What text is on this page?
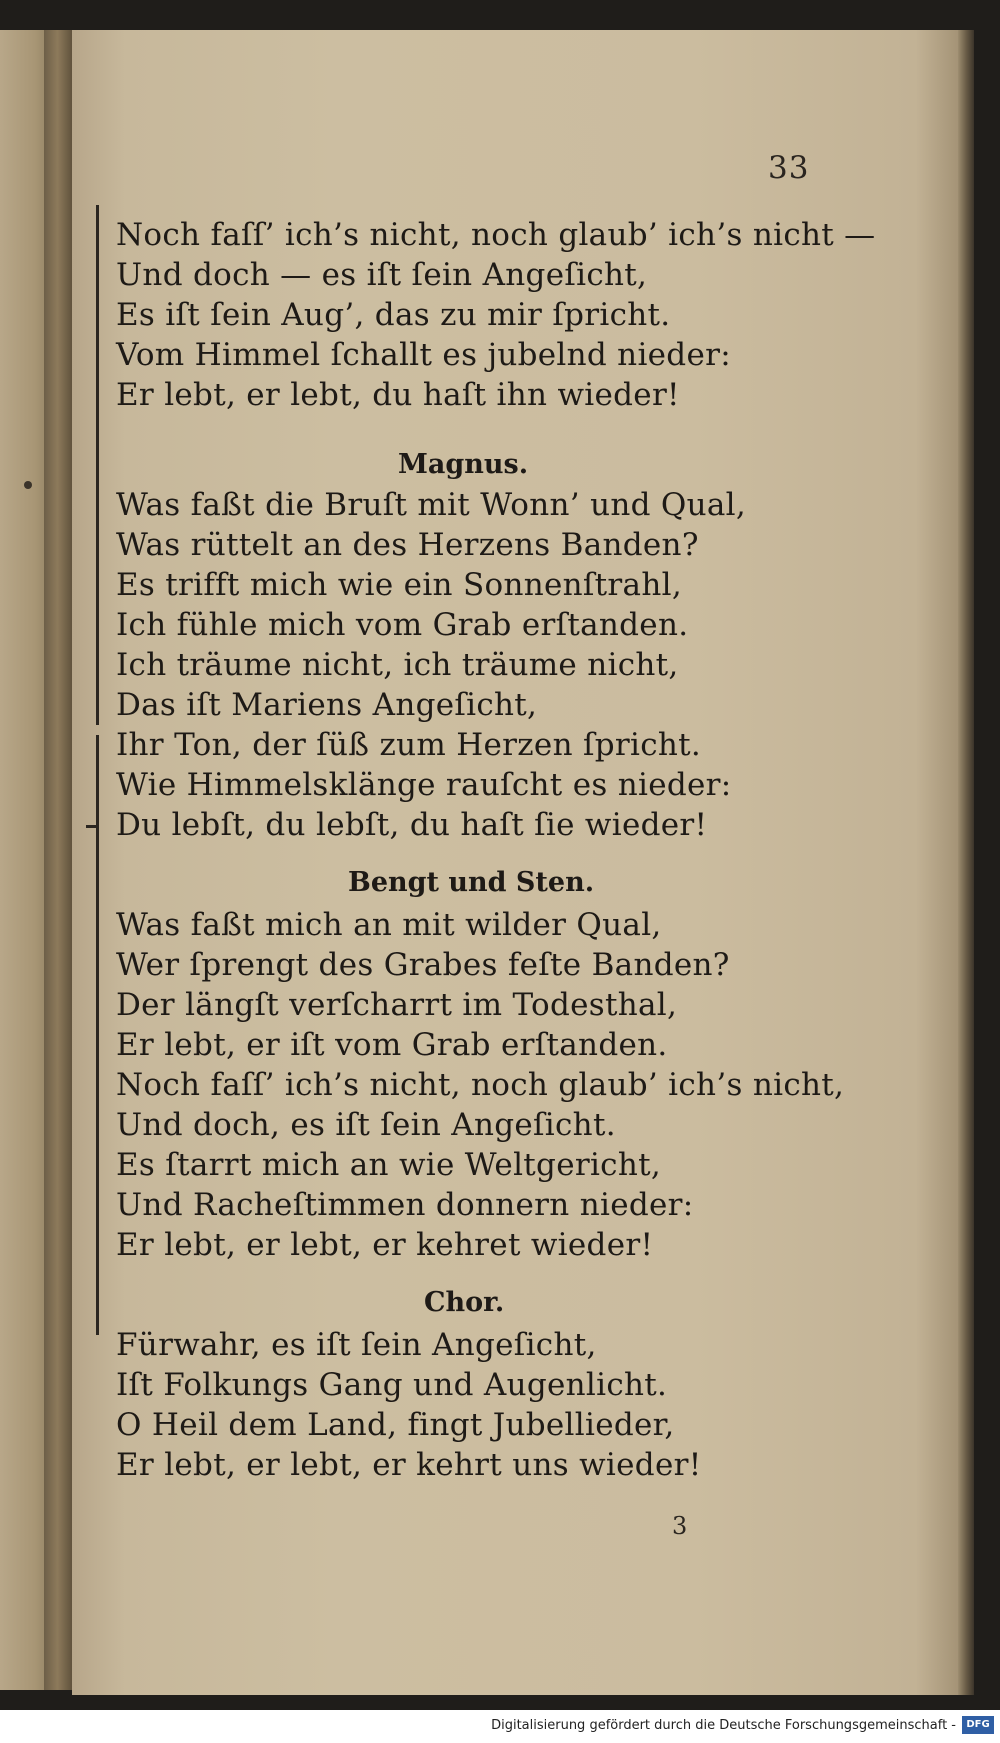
33
Noch faſſ’ ich’s nicht, noch glaub’ ich’s nicht —
Und doch — es iſt ſein Angeſicht,
Es iſt ſein Aug’, das zu mir ſpricht.
Vom Himmel ſchallt es jubelnd nieder:
Er lebt, er lebt, du haſt ihn wieder!
Magnus.
Was faßt die Bruſt mit Wonn’ und Qual,
Was rüttelt an des Herzens Banden?
Es trifft mich wie ein Sonnenſtrahl,
Ich fühle mich vom Grab erſtanden.
Ich träume nicht, ich träume nicht,
Das iſt Mariens Angeſicht,
Ihr Ton, der ſüß zum Herzen ſpricht.
Wie Himmelsklänge rauſcht es nieder:
Du lebſt, du lebſt, du haſt ſie wieder!
Bengt und Sten.
Was faßt mich an mit wilder Qual,
Wer ſprengt des Grabes feſte Banden?
Der längſt verſcharrt im Todesthal,
Er lebt, er iſt vom Grab erſtanden.
Noch faſſ’ ich’s nicht, noch glaub’ ich’s nicht,
Und doch, es iſt ſein Angeſicht.
Es ſtarrt mich an wie Weltgericht,
Und Racheſtimmen donnern nieder:
Er lebt, er lebt, er kehret wieder!
Chor.
Fürwahr, es iſt ſein Angeſicht,
Iſt Folkungs Gang und Augenlicht.
O Heil dem Land, fingt Jubellieder,
Er lebt, er lebt, er kehrt uns wieder!
3
Digitalisierung gefördert durch die Deutsche Forschungsgemeinschaft -	DFG
